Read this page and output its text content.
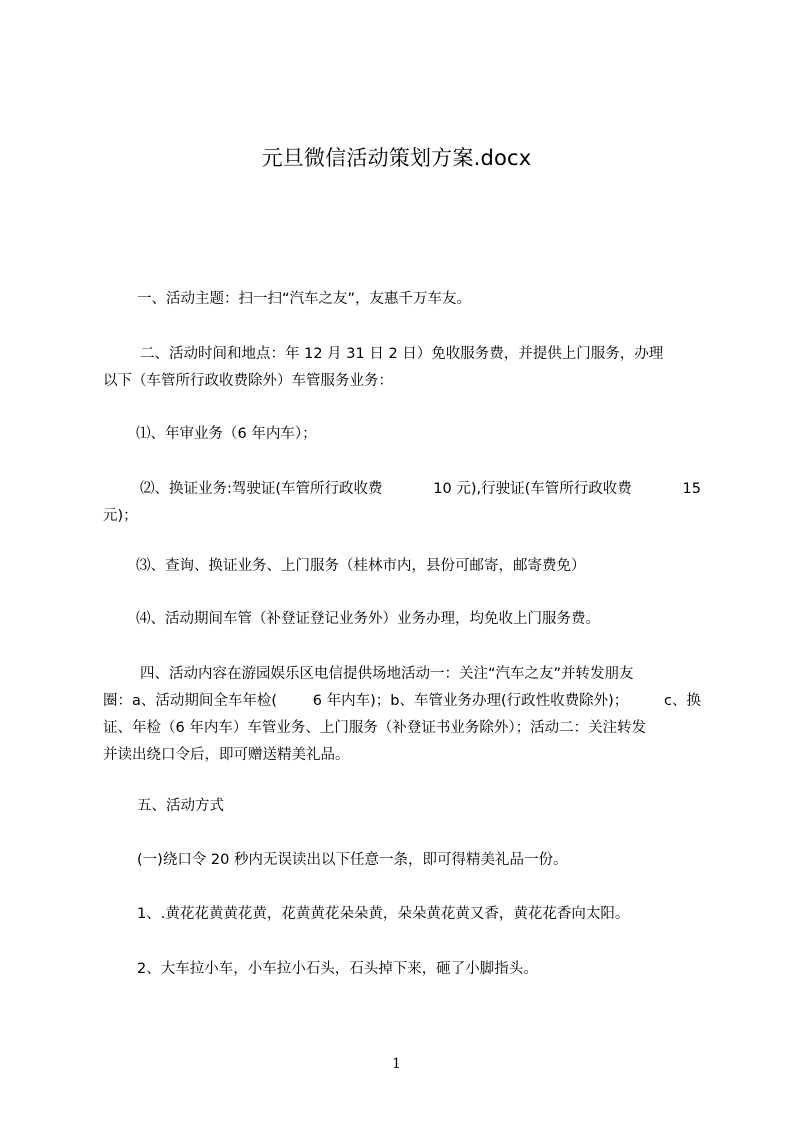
元旦微信活动策划方案.docx
一、活动主题：扫一扫“汽车之友”，友惠千万车友。
二、活动时间和地点：年 12 月 31 日 2 日）免收服务费，并提供上门服务，办理
以下（车管所行政收费除外）车管服务业务：
⑴、年审业务（6 年内车）；
⑵、换证业务:驾驶证(车管所行政收费	10 元),行驶证(车管所行政收费	15
元)；
⑶、查询、换证业务、上门服务（桂林市内，县份可邮寄，邮寄费免）
⑷、活动期间车管（补登证登记业务外）业务办理，均免收上门服务费。
四、活动内容在游园娱乐区电信提供场地活动一：关注“汽车之友”并转发朋友
圈：a、活动期间全车年检( 6 年内车)；b、车管业务办理(行政性收费除外)； c、换
证、年检（6 年内车）车管业务、上门服务（补登证书业务除外）；活动二：关注转发
并读出绕口令后，即可赠送精美礼品。
五、活动方式
(一)绕口令 20 秒内无误读出以下任意一条，即可得精美礼品一份。
1、.黄花花黄黄花黄，花黄黄花朵朵黄，朵朵黄花黄又香，黄花花香向太阳。
2、大车拉小车，小车拉小石头，石头掉下来，砸了小脚指头。
1
